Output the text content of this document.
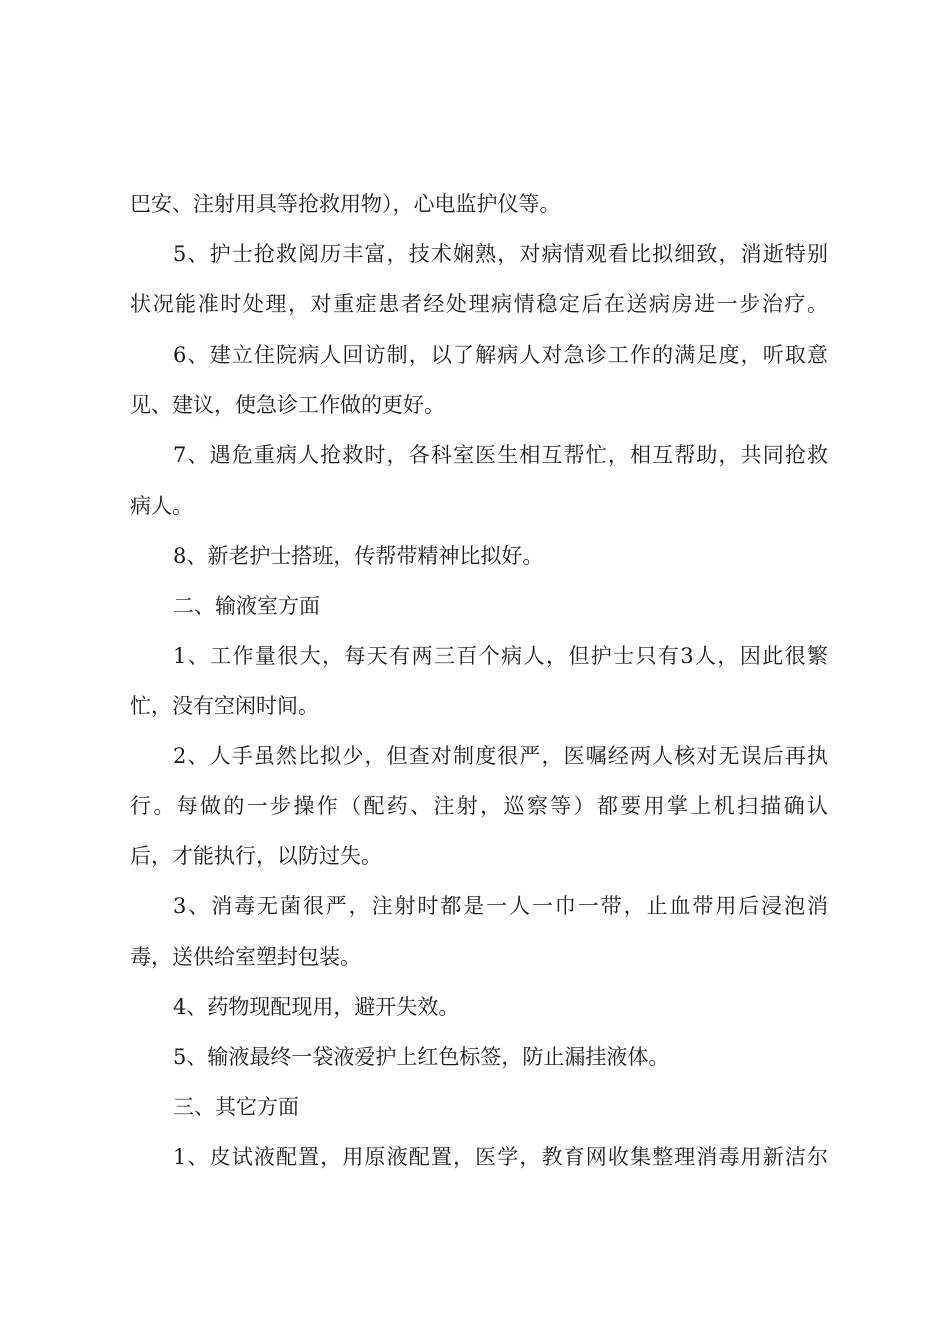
巴安、注射用具等抢救用物），心电监护仪等。
5、护士抢救阅历丰富，技术娴熟，对病情观看比拟细致，消逝特别
状况能准时处理，对重症患者经处理病情稳定后在送病房进一步治疗。
6、建立住院病人回访制，以了解病人对急诊工作的满足度，听取意
见、建议，使急诊工作做的更好。
7、遇危重病人抢救时，各科室医生相互帮忙，相互帮助，共同抢救
病人。
8、新老护士搭班，传帮带精神比拟好。
二、输液室方面
1、工作量很大，每天有两三百个病人，但护士只有3人，因此很繁
忙，没有空闲时间。
2、人手虽然比拟少，但查对制度很严，医嘱经两人核对无误后再执
行。每做的一步操作（配药、注射，巡察等）都要用掌上机扫描确认
后，才能执行，以防过失。
3、消毒无菌很严，注射时都是一人一巾一带，止血带用后浸泡消
毒，送供给室塑封包装。
4、药物现配现用，避开失效。
5、输液最终一袋液爱护上红色标签，防止漏挂液体。
三、其它方面
1、皮试液配置，用原液配置，医学，教育网收集整理消毒用新洁尔
